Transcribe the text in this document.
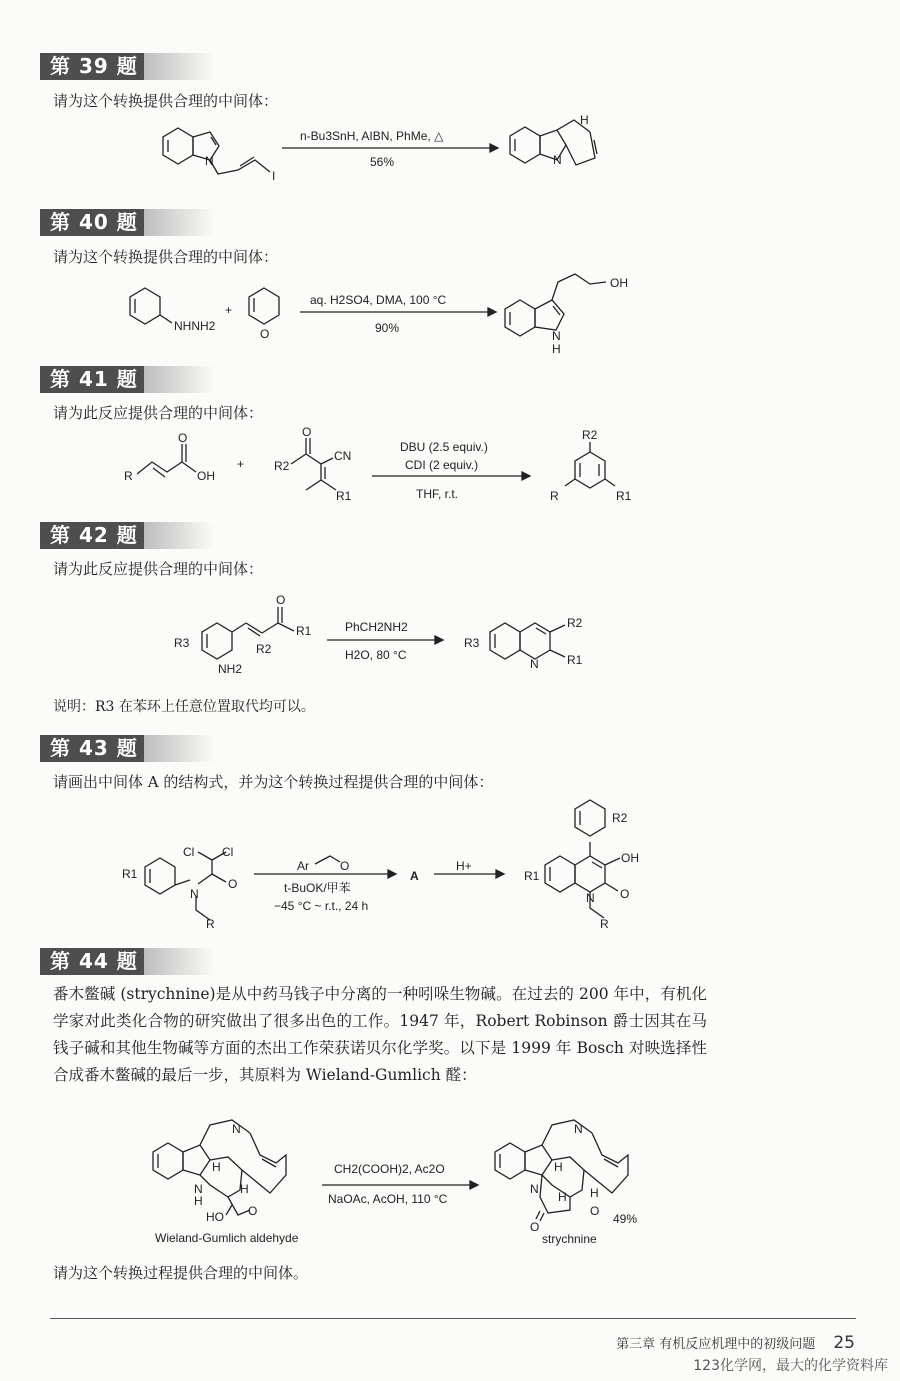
第 39 题
请为这个转换提供合理的中间体：
N
I
n-Bu3SnH, AIBN, PhMe, △
56%	N
H
第 40 题
请为这个转换提供合理的中间体：
NHNH2
+
O
aq. H2SO4, DMA, 100 °C
90%
OH
N
H
第 41 题
请为此反应提供合理的中间体：
R
O
OH
+ R2
O
CN
R1
DBU (2.5 equiv.)
CDI (2 equiv.)
THF, r.t.
R2
R	R1
第 42 题
请为此反应提供合理的中间体：
R3
NH2
O
R1
R2
PhCH2NH2
H2O, 80 °C
R3
N
R2
R1
说明：R3 在苯环上任意位置取代均可以。
第 43 题
请画出中间体 A 的结构式，并为这个转换过程提供合理的中间体：
R1
Cl Cl
O
N
R
Ar	O
t-BuOK/甲苯
−45 °C ~ r.t., 24 h
A
H+
R1
N O
OH
R2
R
第 44 题
番木鳖碱 (strychnine)是从中药马钱子中分离的一种吲哚生物碱。在过去的 200 年中，有机化学家对此类化合物的研究做出了很多出色的工作。1947 年，Robert Robinson 爵士因其在马钱子碱和其他生物碱等方面的杰出工作荣获诺贝尔化学奖。以下是 1999 年 Bosch 对映选择性合成番木鳖碱的最后一步，其原料为 Wieland-Gumlich 醛：
N
H
H
N
H
HO O
CH2(COOH)2, Ac2O
NaOAc, AcOH, 110 °C
N
H
H H
N
O
O
49%
Wieland-Gumlich aldehyde	strychnine
请为这个转换过程提供合理的中间体。
第三章 有机反应机理中的初级问题 25
123化学网，最大的化学资料库
